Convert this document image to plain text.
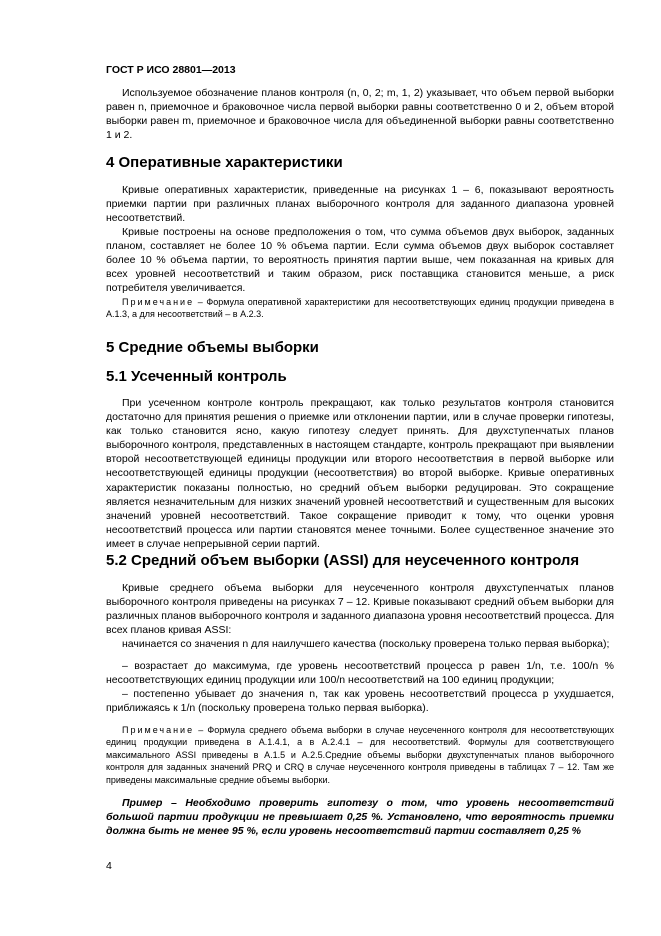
ГОСТ Р ИСО 28801—2013

Используемое обозначение планов контроля (n, 0, 2; m, 1, 2) указывает, что объем первой выборки равен n, приемочное и браковочное числа первой выборки равны соответственно 0 и 2, объем второй выборки равен m, приемочное и браковочное числа для объединенной выборки равны соответственно 1 и 2.

4 Оперативные характеристики

Кривые оперативных характеристик, приведенные на рисунках 1 – 6, показывают вероятность приемки партии при различных планах выборочного контроля для заданного диапазона уровней несоответствий.

Кривые построены на основе предположения о том, что сумма объемов двух выборок, заданных планом, составляет не более 10 % объема партии. Если сумма объемов двух выборок составляет более 10 % объема партии, то вероятность принятия партии выше, чем показанная на кривых для всех уровней несоответствий и таким образом, риск поставщика становится меньше, а риск потребителя увеличивается.

Примечание – Формула оперативной характеристики для несоответствующих единиц продукции приведена в А.1.3, а для несоответствий – в А.2.3.

5 Средние объемы выборки
5.1 Усеченный контроль

При усеченном контроле контроль прекращают, как только результатов контроля становится достаточно для принятия решения о приемке или отклонении партии, или в случае проверки гипотезы, как только становится ясно, какую гипотезу следует принять. Для двухступенчатых планов выборочного контроля, представленных в настоящем стандарте, контроль прекращают при выявлении второй несоответствующей единицы продукции или второго несоответствия в первой выборке или несоответствующей единицы продукции (несоответствия) во второй выборке. Кривые оперативных характеристик показаны полностью, но средний объем выборки редуцирован. Это сокращение является незначительным для низких значений уровней несоответствий и существенным для высоких значений уровней несоответствий. Такое сокращение приводит к тому, что оценки уровня несоответствий процесса или партии становятся менее точными. Более существенное значение это имеет в случае непрерывной серии партий.

5.2 Средний объем выборки (ASSI) для неусеченного контроля

Кривые среднего объема выборки для неусеченного контроля двухступенчатых планов выборочного контроля приведены на рисунках 7 – 12. Кривые показывают средний объем выборки для различных планов выборочного контроля и заданного диапазона уровня несоответствий процесса. Для всех планов кривая ASSI:

начинается со значения n для наилучшего качества (поскольку проверена только первая выборка);

– возрастает до максимума, где уровень несоответствий процесса p равен 1/n, т.е. 100/n % несоответствующих единиц продукции или 100/n несоответствий на 100 единиц продукции;

– постепенно убывает до значения n, так как уровень несоответствий процесса p ухудшается, приближаясь к 1/n (поскольку проверена только первая выборка).

Примечание – Формула среднего объема выборки в случае неусеченного контроля для несоответствующих единиц продукции приведена в А.1.4.1, а в А.2.4.1 – для несоответствий. Формулы для соответствующего максимального ASSI приведены в А.1.5 и А.2.5.Средние объемы выборки двухступенчатых планов выборочного контроля для заданных значений PRQ и CRQ в случае неусеченного контроля приведены в таблицах 7 – 12. Там же приведены максимальные средние объемы выборки.

Пример – Необходимо проверить гипотезу о том, что уровень несоответствий большой партии продукции не превышает 0,25 %. Установлено, что вероятность приемки должна быть не менее 95 %, если уровень несоответствий партии составляет 0,25 %

4
